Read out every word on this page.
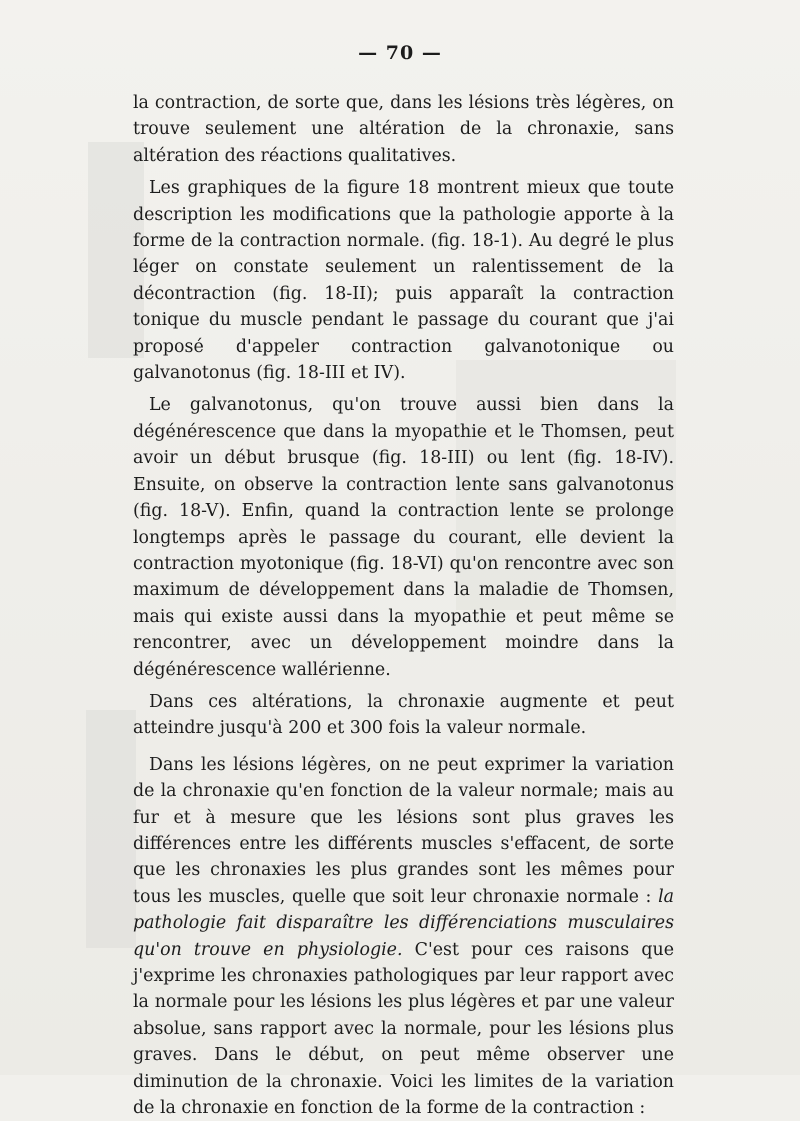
— 70 —

la contraction, de sorte que, dans les lésions très légères, on trouve seulement une altération de la chronaxie, sans altération des réactions qualitatives.

Les graphiques de la figure 18 montrent mieux que toute description les modifications que la pathologie apporte à la forme de la contraction normale. (fig. 18-1). Au degré le plus léger on constate seulement un ralentissement de la décontraction (fig. 18-II); puis apparaît la contraction tonique du muscle pendant le passage du courant que j'ai proposé d'appeler contraction galvanotonique ou galvanotonus (fig. 18-III et IV).

Le galvanotonus, qu'on trouve aussi bien dans la dégénérescence que dans la myopathie et le Thomsen, peut avoir un début brusque (fig. 18-III) ou lent (fig. 18-IV). Ensuite, on observe la contraction lente sans galvanotonus (fig. 18-V). Enfin, quand la contraction lente se prolonge longtemps après le passage du courant, elle devient la contraction myotonique (fig. 18-VI) qu'on rencontre avec son maximum de développement dans la maladie de Thomsen, mais qui existe aussi dans la myopathie et peut même se rencontrer, avec un développement moindre dans la dégénérescence wallérienne.

Dans ces altérations, la chronaxie augmente et peut atteindre jusqu'à 200 et 300 fois la valeur normale.

Dans les lésions légères, on ne peut exprimer la variation de la chronaxie qu'en fonction de la valeur normale; mais au fur et à mesure que les lésions sont plus graves les différences entre les différents muscles s'effacent, de sorte que les chronaxies les plus grandes sont les mêmes pour tous les muscles, quelle que soit leur chronaxie normale : la pathologie fait disparaître les différenciations musculaires qu'on trouve en physiologie. C'est pour ces raisons que j'exprime les chronaxies pathologiques par leur rapport avec la normale pour les lésions les plus légères et par une valeur absolue, sans rapport avec la normale, pour les lésions plus graves. Dans le début, on peut même observer une diminution de la chronaxie. Voici les limites de la variation de la chronaxie en fonction de la forme de la contraction :
